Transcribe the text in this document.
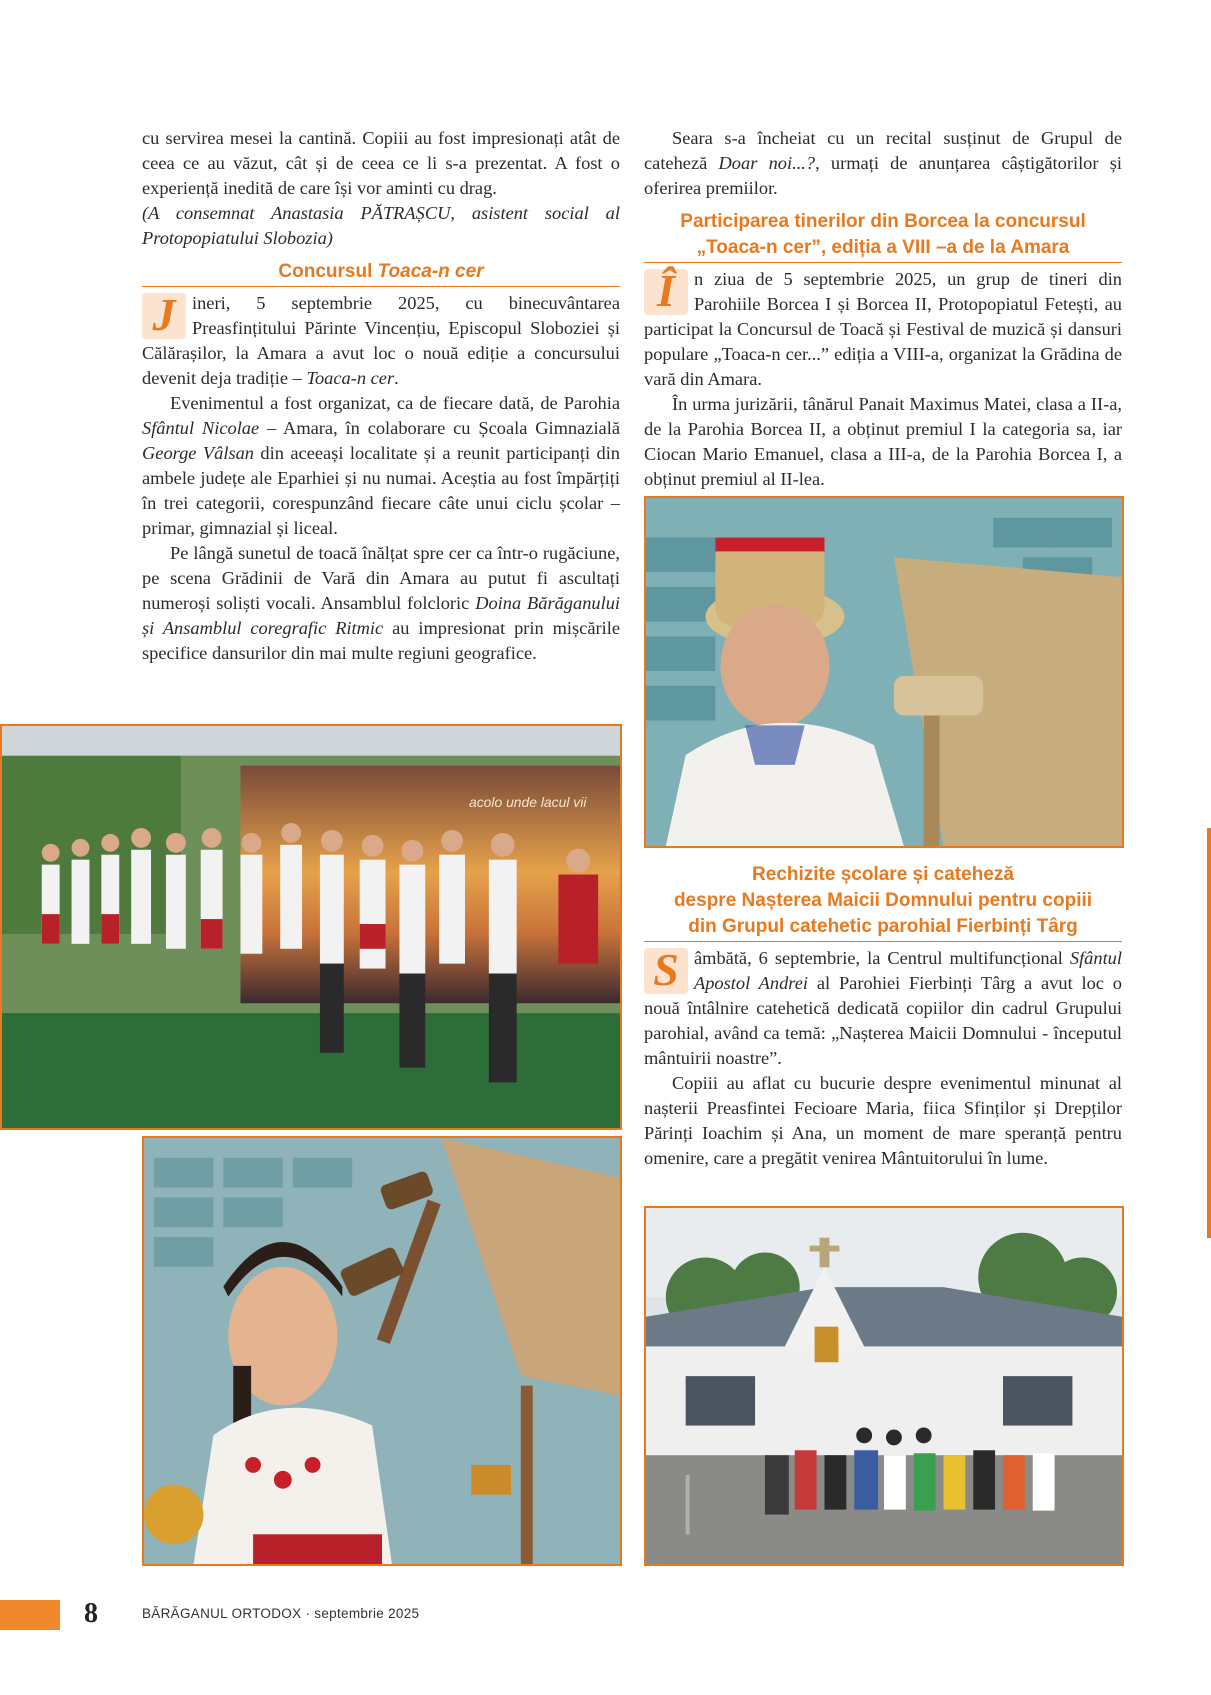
cu servirea mesei la cantină. Copiii au fost impresionați atât de ceea ce au văzut, cât și de ceea ce li s-a prezentat. A fost o experiență inedită de care își vor aminti cu drag.
(A consemnat Anastasia PĂTRAȘCU, asistent social al Protopopiatului Slobozia)

Concursul Toaca-n cer

J ineri, 5 septembrie 2025, cu binecuvântarea Preasfințitului Părinte Vincențiu, Episcopul Sloboziei și Călărașilor, la Amara a avut loc o nouă ediție a concursului devenit deja tradiție – Toaca-n cer.

Evenimentul a fost organizat, ca de fiecare dată, de Parohia Sfântul Nicolae – Amara, în colaborare cu Școala Gimnazială George Vâlsan din aceeași localitate și a reunit participanți din ambele județe ale Eparhiei și nu numai. Aceștia au fost împărțiți în trei categorii, corespunzând fiecare câte unui ciclu școlar – primar, gimnazial și liceal.

Pe lângă sunetul de toacă înălțat spre cer ca într-o rugăciune, pe scena Grădinii de Vară din Amara au putut fi ascultați numeroși soliști vocali. Ansamblul folcloric Doina Bărăganului și Ansamblul coregrafic Ritmic au impresionat prin mișcările specifice dansurilor din mai multe regiuni geografice.

acolo unde lacul vii

Seara s-a încheiat cu un recital susținut de Grupul de cateheză Doar noi...?, urmați de anunțarea câștigătorilor și oferirea premiilor.

Participarea tinerilor din Borcea la concursul „Toaca-n cer”, ediția a VIII –a de la Amara

Î	n ziua de 5 septembrie 2025, un grup de tineri din Parohiile Borcea I și Borcea II, Protopopiatul Fetești, au participat la Concursul de Toacă și Festival de muzică și dansuri populare „Toaca-n cer...” ediția a VIII-a, organizat la Grădina de vară din Amara.

În urma jurizării, tânărul Panait Maximus Matei, clasa a II-a, de la Parohia Borcea II, a obținut premiul I la categoria sa, iar Ciocan Mario Emanuel, clasa a III-a, de la Parohia Borcea I, a obținut premiul al II-lea.

Rechizite școlare și cateheză
despre Nașterea Maicii Domnului pentru copiii
din Grupul catehetic parohial Fierbinți Târg

S âmbătă, 6 septembrie, la Centrul multifuncțional Sfântul Apostol Andrei al Parohiei Fierbinți Târg a avut loc o nouă întâlnire catehetică dedicată copiilor din cadrul Grupului parohial, având ca temă: „Nașterea Maicii Domnului - începutul mântuirii noastre”.

Copiii au aflat cu bucurie despre evenimentul minunat al nașterii Preasfintei Fecioare Maria, fiica Sfinților și Drepților Părinți Ioachim și Ana, un moment de mare speranță pentru omenire, care a pregătit venirea Mântuitorului în lume.

8	BĂRĂGANUL ORTODOX · septembrie 2025
